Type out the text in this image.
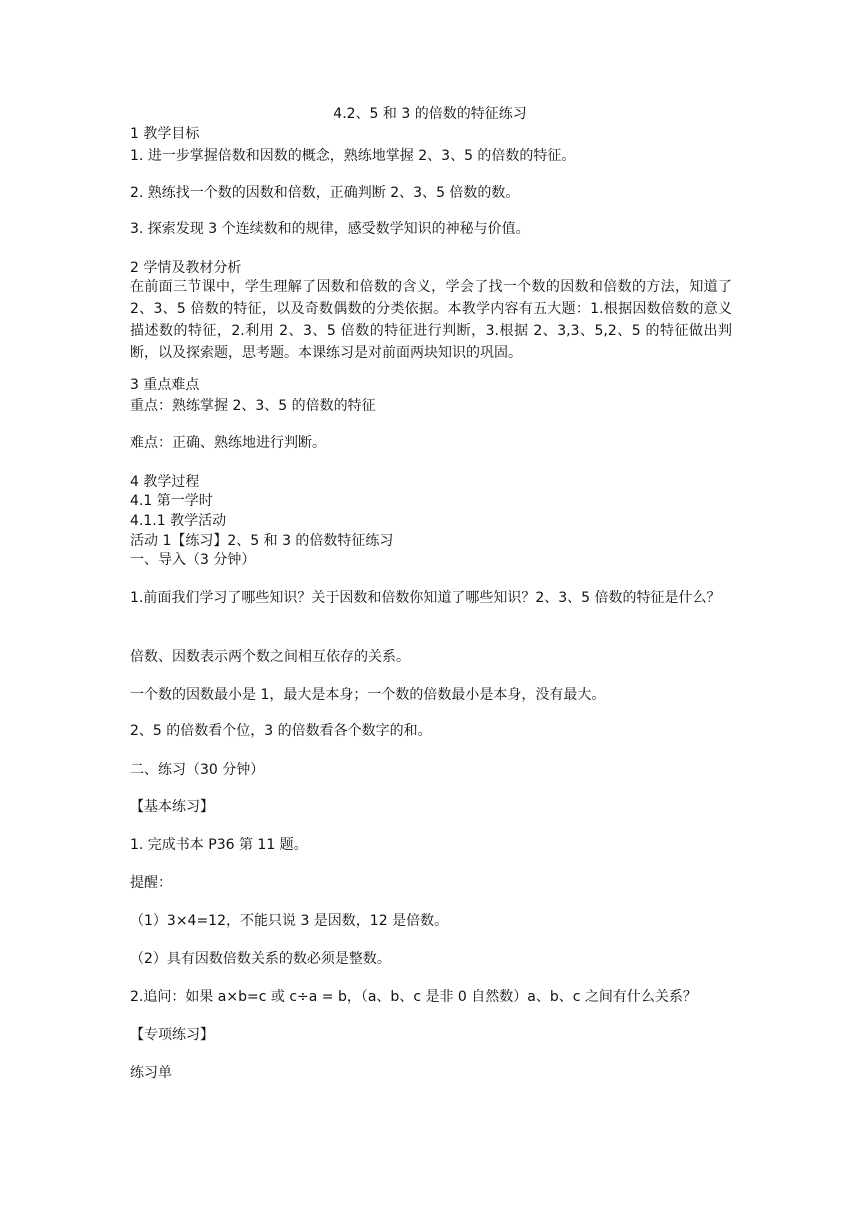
4.2、5 和 3 的倍数的特征练习
1 教学目标
1. 进一步掌握倍数和因数的概念，熟练地掌握 2、3、5 的倍数的特征。
2. 熟练找一个数的因数和倍数，正确判断 2、3、5 倍数的数。
3. 探索发现 3 个连续数和的规律，感受数学知识的神秘与价值。
2 学情及教材分析
在前面三节课中，学生理解了因数和倍数的含义，学会了找一个数的因数和倍数的方法，知道了 2、3、5 倍数的特征，以及奇数偶数的分类依据。本教学内容有五大题：1.根据因数倍数的意义描述数的特征，2.利用 2、3、5 倍数的特征进行判断，3.根据 2、3,3、5,2、5 的特征做出判断，以及探索题，思考题。本课练习是对前面两块知识的巩固。
3 重点难点
重点：熟练掌握 2、3、5 的倍数的特征
难点：正确、熟练地进行判断。
4 教学过程
4.1 第一学时
4.1.1 教学活动
活动 1【练习】2、5 和 3 的倍数特征练习
一、导入（3 分钟）
1.前面我们学习了哪些知识？关于因数和倍数你知道了哪些知识？2、3、5 倍数的特征是什么？
倍数、因数表示两个数之间相互依存的关系。
一个数的因数最小是 1，最大是本身；一个数的倍数最小是本身，没有最大。
2、5 的倍数看个位，3 的倍数看各个数字的和。
二、练习（30 分钟）
【基本练习】
1. 完成书本 P36 第 11 题。
提醒：
（1）3×4=12，不能只说 3 是因数，12 是倍数。
（2）具有因数倍数关系的数必须是整数。
2.追问：如果 a×b=c 或 c÷a = b，（a、b、c 是非 0 自然数）a、b、c 之间有什么关系？
【专项练习】
练习单
